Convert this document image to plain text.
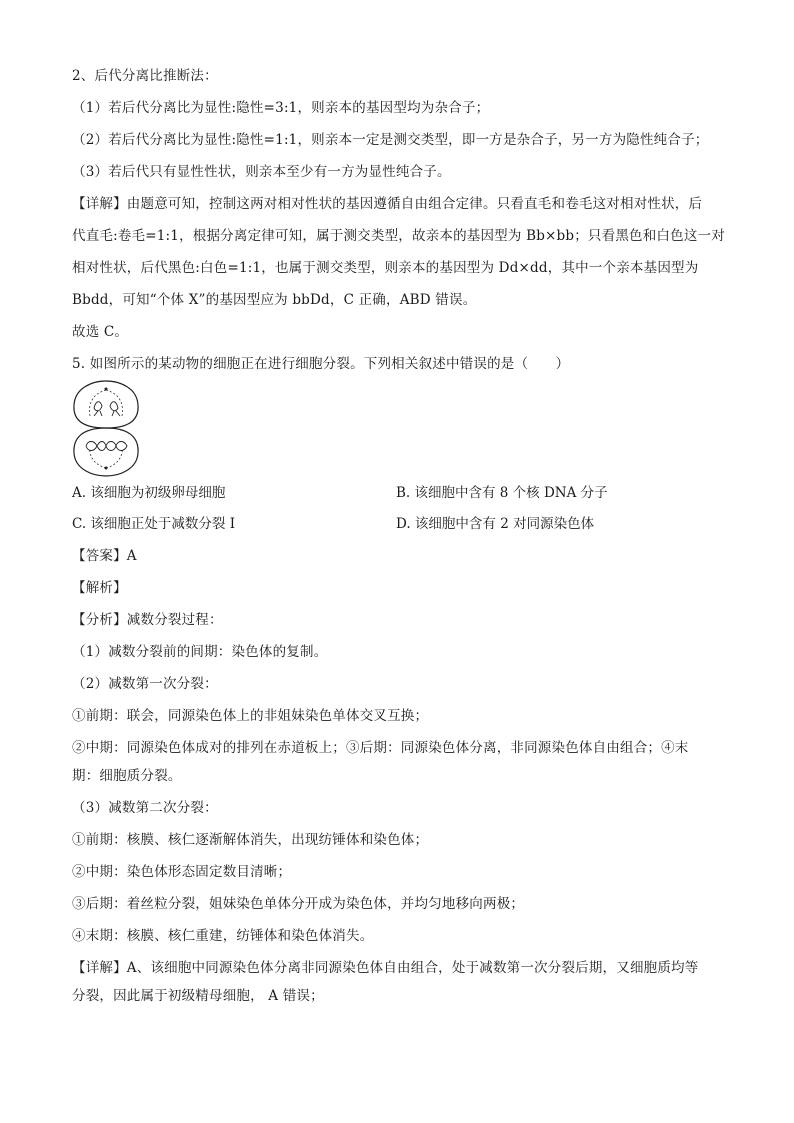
2、后代分离比推断法：
（1）若后代分离比为显性:隐性=3:1，则亲本的基因型均为杂合子；
（2）若后代分离比为显性:隐性=1:1，则亲本一定是测交类型，即一方是杂合子，另一方为隐性纯合子；
（3）若后代只有显性性状，则亲本至少有一方为显性纯合子。
【详解】由题意可知，控制这两对相对性状的基因遵循自由组合定律。只看直毛和卷毛这对相对性状，后
代直毛:卷毛=1:1，根据分离定律可知，属于测交类型，故亲本的基因型为 Bb×bb；只看黑色和白色这一对
相对性状，后代黑色:白色=1:1，也属于测交类型，则亲本的基因型为 Dd×dd，其中一个亲本基因型为
Bbdd，可知“个体 X”的基因型应为 bbDd，C 正确，ABD 错误。
故选 C。
5. 如图所示的某动物的细胞正在进行细胞分裂。下列相关叙述中错误的是（　　）
A. 该细胞为初级卵母细胞	B. 该细胞中含有 8 个核 DNA 分子
C. 该细胞正处于减数分裂 I	D. 该细胞中含有 2 对同源染色体
【答案】A
【解析】
【分析】减数分裂过程：
（1）减数分裂前的间期：染色体的复制。
（2）减数第一次分裂：
①前期：联会，同源染色体上的非姐妹染色单体交叉互换；
②中期：同源染色体成对的排列在赤道板上；③后期：同源染色体分离，非同源染色体自由组合；④末
期：细胞质分裂。
（3）减数第二次分裂：
①前期：核膜、核仁逐渐解体消失，出现纺锤体和染色体；
②中期：染色体形态固定数目清晰；
③后期：着丝粒分裂，姐妹染色单体分开成为染色体，并均匀地移向两极；
④末期：核膜、核仁重建，纺锤体和染色体消失。
【详解】A、该细胞中同源染色体分离非同源染色体自由组合，处于减数第一次分裂后期，又细胞质均等
分裂，因此属于初级精母细胞， A 错误；
